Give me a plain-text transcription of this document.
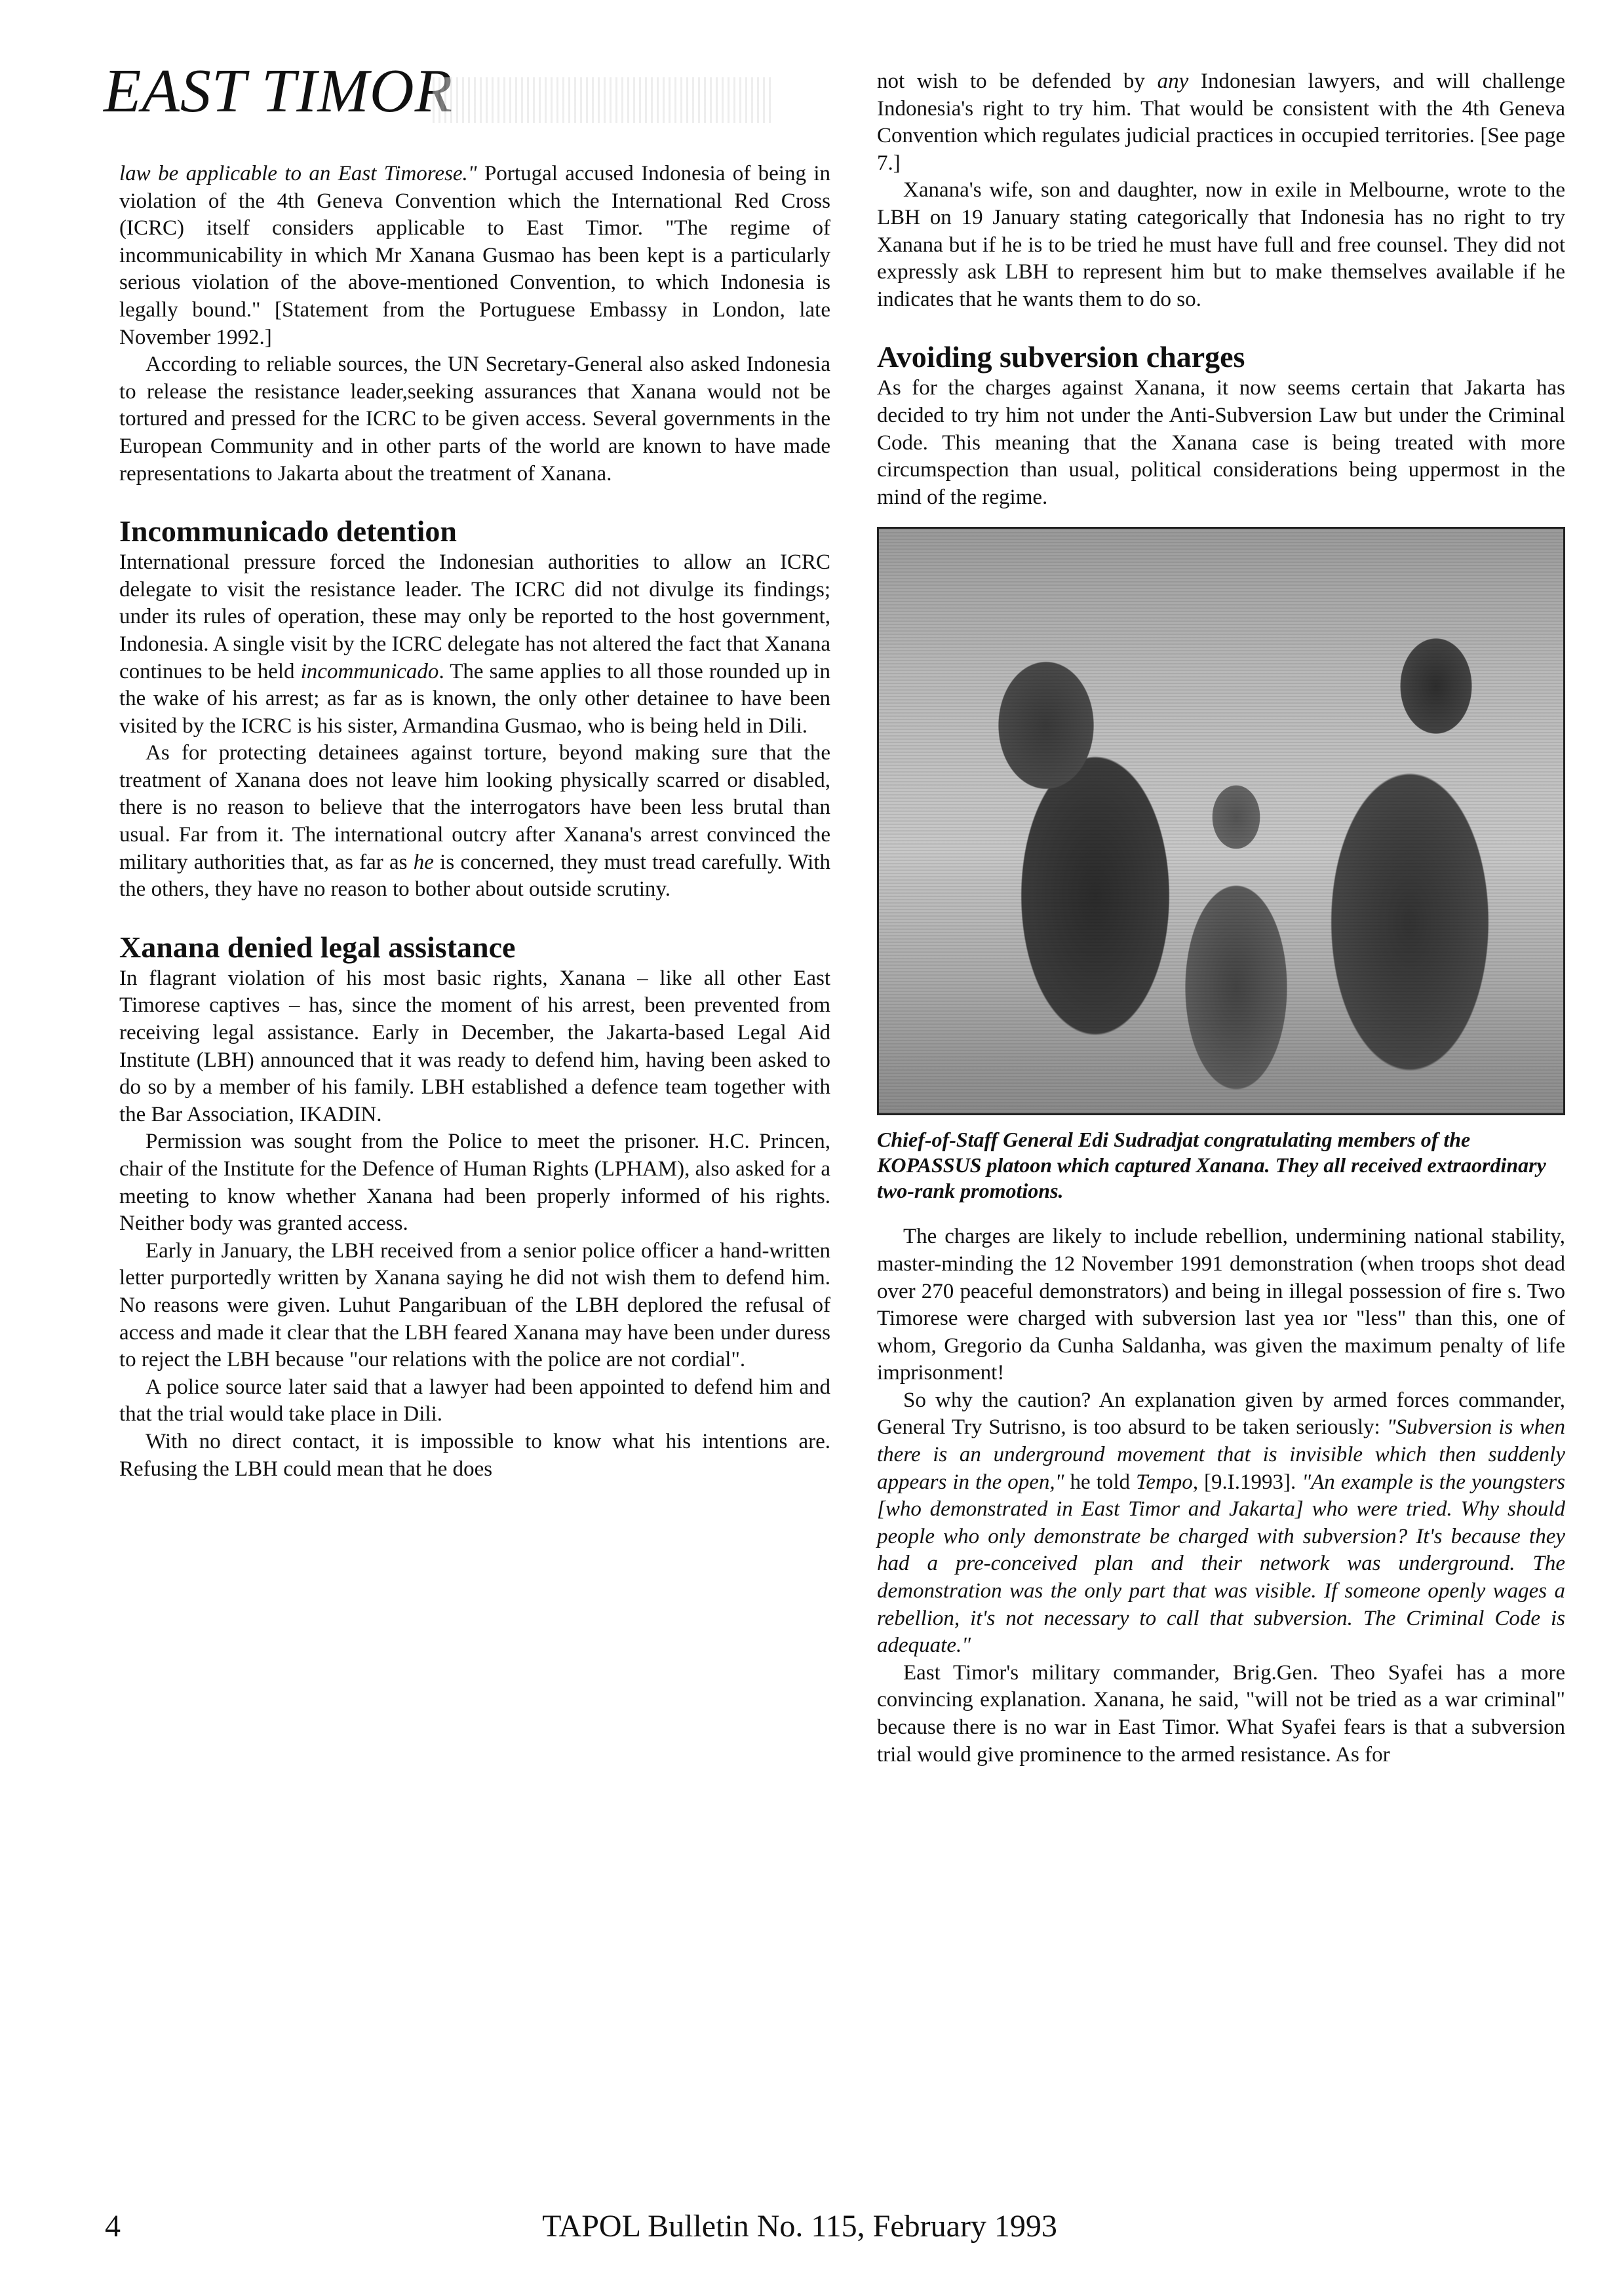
EAST TIMOR

law be applicable to an East Timorese." Portugal accused Indonesia of being in violation of the 4th Geneva Convention which the International Red Cross (ICRC) itself considers applicable to East Timor. "The regime of incommunicability in which Mr Xanana Gusmao has been kept is a particularly serious violation of the above-mentioned Convention, to which Indonesia is legally bound." [Statement from the Portuguese Embassy in London, late November 1992.]

According to reliable sources, the UN Secretary-General also asked Indonesia to release the resistance leader,seeking assurances that Xanana would not be tortured and pressed for the ICRC to be given access. Several governments in the European Community and in other parts of the world are known to have made representations to Jakarta about the treatment of Xanana.

Incommunicado detention

International pressure forced the Indonesian authorities to allow an ICRC delegate to visit the resistance leader. The ICRC did not divulge its findings; under its rules of operation, these may only be reported to the host government, Indonesia. A single visit by the ICRC delegate has not altered the fact that Xanana continues to be held incommunicado. The same applies to all those rounded up in the wake of his arrest; as far as is known, the only other detainee to have been visited by the ICRC is his sister, Armandina Gusmao, who is being held in Dili.

As for protecting detainees against torture, beyond making sure that the treatment of Xanana does not leave him looking physically scarred or disabled, there is no reason to believe that the interrogators have been less brutal than usual. Far from it. The international outcry after Xanana's arrest convinced the military authorities that, as far as he is concerned, they must tread carefully. With the others, they have no reason to bother about outside scrutiny.

Xanana denied legal assistance

In flagrant violation of his most basic rights, Xanana – like all other East Timorese captives – has, since the moment of his arrest, been prevented from receiving legal assistance. Early in December, the Jakarta-based Legal Aid Institute (LBH) announced that it was ready to defend him, having been asked to do so by a member of his family. LBH established a defence team together with the Bar Association, IKADIN.

Permission was sought from the Police to meet the prisoner. H.C. Princen, chair of the Institute for the Defence of Human Rights (LPHAM), also asked for a meeting to know whether Xanana had been properly informed of his rights. Neither body was granted access.

Early in January, the LBH received from a senior police officer a hand-written letter purportedly written by Xanana saying he did not wish them to defend him. No reasons were given. Luhut Pangaribuan of the LBH deplored the refusal of access and made it clear that the LBH feared Xanana may have been under duress to reject the LBH because "our relations with the police are not cordial".

A police source later said that a lawyer had been appointed to defend him and that the trial would take place in Dili.

With no direct contact, it is impossible to know what his intentions are. Refusing the LBH could mean that he does

not wish to be defended by any Indonesian lawyers, and will challenge Indonesia's right to try him. That would be consistent with the 4th Geneva Convention which regulates judicial practices in occupied territories. [See page 7.]

Xanana's wife, son and daughter, now in exile in Melbourne, wrote to the LBH on 19 January stating categorically that Indonesia has no right to try Xanana but if he is to be tried he must have full and free counsel. They did not expressly ask LBH to represent him but to make themselves available if he indicates that he wants them to do so.

Avoiding subversion charges

As for the charges against Xanana, it now seems certain that Jakarta has decided to try him not under the Anti-Subversion Law but under the Criminal Code. This meaning that the Xanana case is being treated with more circumspection than usual, political considerations being uppermost in the mind of the regime.

Chief-of-Staff General Edi Sudradjat congratulating members of the KOPASSUS platoon which captured Xanana. They all received extraordinary two-rank promotions.

The charges are likely to include rebellion, undermining national stability, master-minding the 12 November 1991 demonstration (when troops shot dead over 270 peaceful demonstrators) and being in illegal possession of fire s. Two Timorese were charged with subversion last yea ıor "less" than this, one of whom, Gregorio da Cunha Saldanha, was given the maximum penalty of life imprisonment!

So why the caution? An explanation given by armed forces commander, General Try Sutrisno, is too absurd to be taken seriously: "Subversion is when there is an underground movement that is invisible which then suddenly appears in the open," he told Tempo, [9.I.1993]. "An example is the youngsters [who demonstrated in East Timor and Jakarta] who were tried. Why should people who only demonstrate be charged with subversion? It's because they had a pre-conceived plan and their network was underground. The demonstration was the only part that was visible. If someone openly wages a rebellion, it's not necessary to call that subversion. The Criminal Code is adequate."

East Timor's military commander, Brig.Gen. Theo Syafei has a more convincing explanation. Xanana, he said, "will not be tried as a war criminal" because there is no war in East Timor. What Syafei fears is that a subversion trial would give prominence to the armed resistance. As for

4	TAPOL Bulletin No. 115, February 1993
